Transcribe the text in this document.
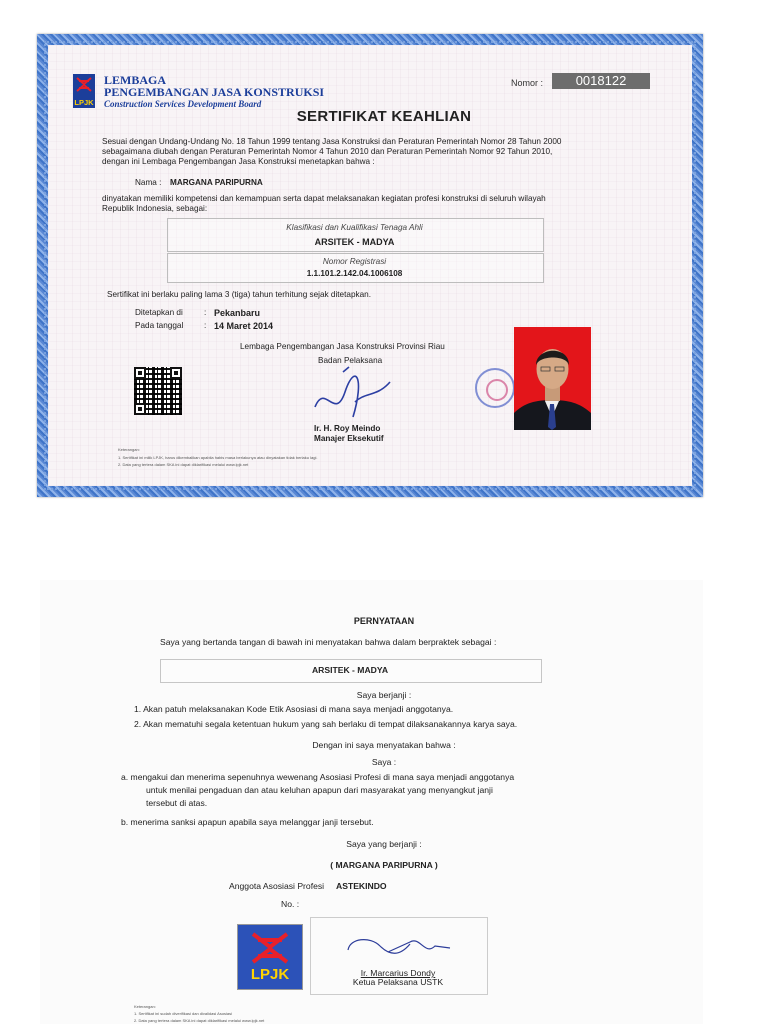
LPJK
LEMBAGA
PENGEMBANGAN JASA KONSTRUKSI
Construction Services Development Board
Nomor :	0018122
SERTIFIKAT KEAHLIAN
Sesuai dengan Undang-Undang No. 18 Tahun 1999 tentang Jasa Konstruksi dan Peraturan Pemerintah Nomor 28 Tahun 2000
sebagaimana diubah dengan Peraturan Pemerintah Nomor 4 Tahun 2010 dan Peraturan Pemerintah Nomor 92 Tahun 2010,
dengan ini Lembaga Pengembangan Jasa Konstruksi menetapkan bahwa :
Nama : MARGANA PARIPURNA
dinyatakan memiliki kompetensi dan kemampuan serta dapat melaksanakan kegiatan profesi konstruksi di seluruh wilayah
Republik Indonesia, sebagai:
Klasifikasi dan Kualifikasi Tenaga Ahli
ARSITEK - MADYA
Nomor Registrasi
1.1.101.2.142.04.1006108
Sertifikat ini berlaku paling lama 3 (tiga) tahun terhitung sejak ditetapkan.
Ditetapkan di	: Pekanbaru
Pada tanggal	: 14 Maret 2014
Lembaga Pengembangan Jasa Konstruksi Provinsi Riau
Badan Pelaksana
Ir. H. Roy Meindo
Manajer Eksekutif
Keterangan:
1. Sertifikat ini milik LPJK, harus dikembalikan apabila habis masa berlakunya atau dinyatakan tidak berlaku lagi.
2. Data yang tertera dalam SKA ini dapat diklarifikasi melalui www.lpjk.net
PERNYATAAN
Saya yang bertanda tangan di bawah ini menyatakan bahwa dalam berpraktek sebagai :
ARSITEK - MADYA
Saya berjanji :
1. Akan patuh melaksanakan Kode Etik Asosiasi di mana saya menjadi anggotanya.
2. Akan mematuhi segala ketentuan hukum yang sah berlaku di tempat dilaksanakannya karya saya.
Dengan ini saya menyatakan bahwa :
Saya :
a. mengakui dan menerima sepenuhnya wewenang Asosiasi Profesi di mana saya menjadi anggotanya
untuk menilai pengaduan dan atau keluhan apapun dari masyarakat yang menyangkut janji
tersebut di atas.
b. menerima sanksi apapun apabila saya melanggar janji tersebut.
Saya yang berjanji :
( MARGANA PARIPURNA )
Anggota Asosiasi Profesi ASTEKINDO
No. :
LPJK	Ir. Marcarius Dondy
Ketua Pelaksana USTK
Keterangan:
1. Sertifikat ini sudah diverifikasi dan divalidasi Asosiasi
2. Data yang tertera dalam SKA ini dapat diklarifikasi melalui www.lpjk.net
